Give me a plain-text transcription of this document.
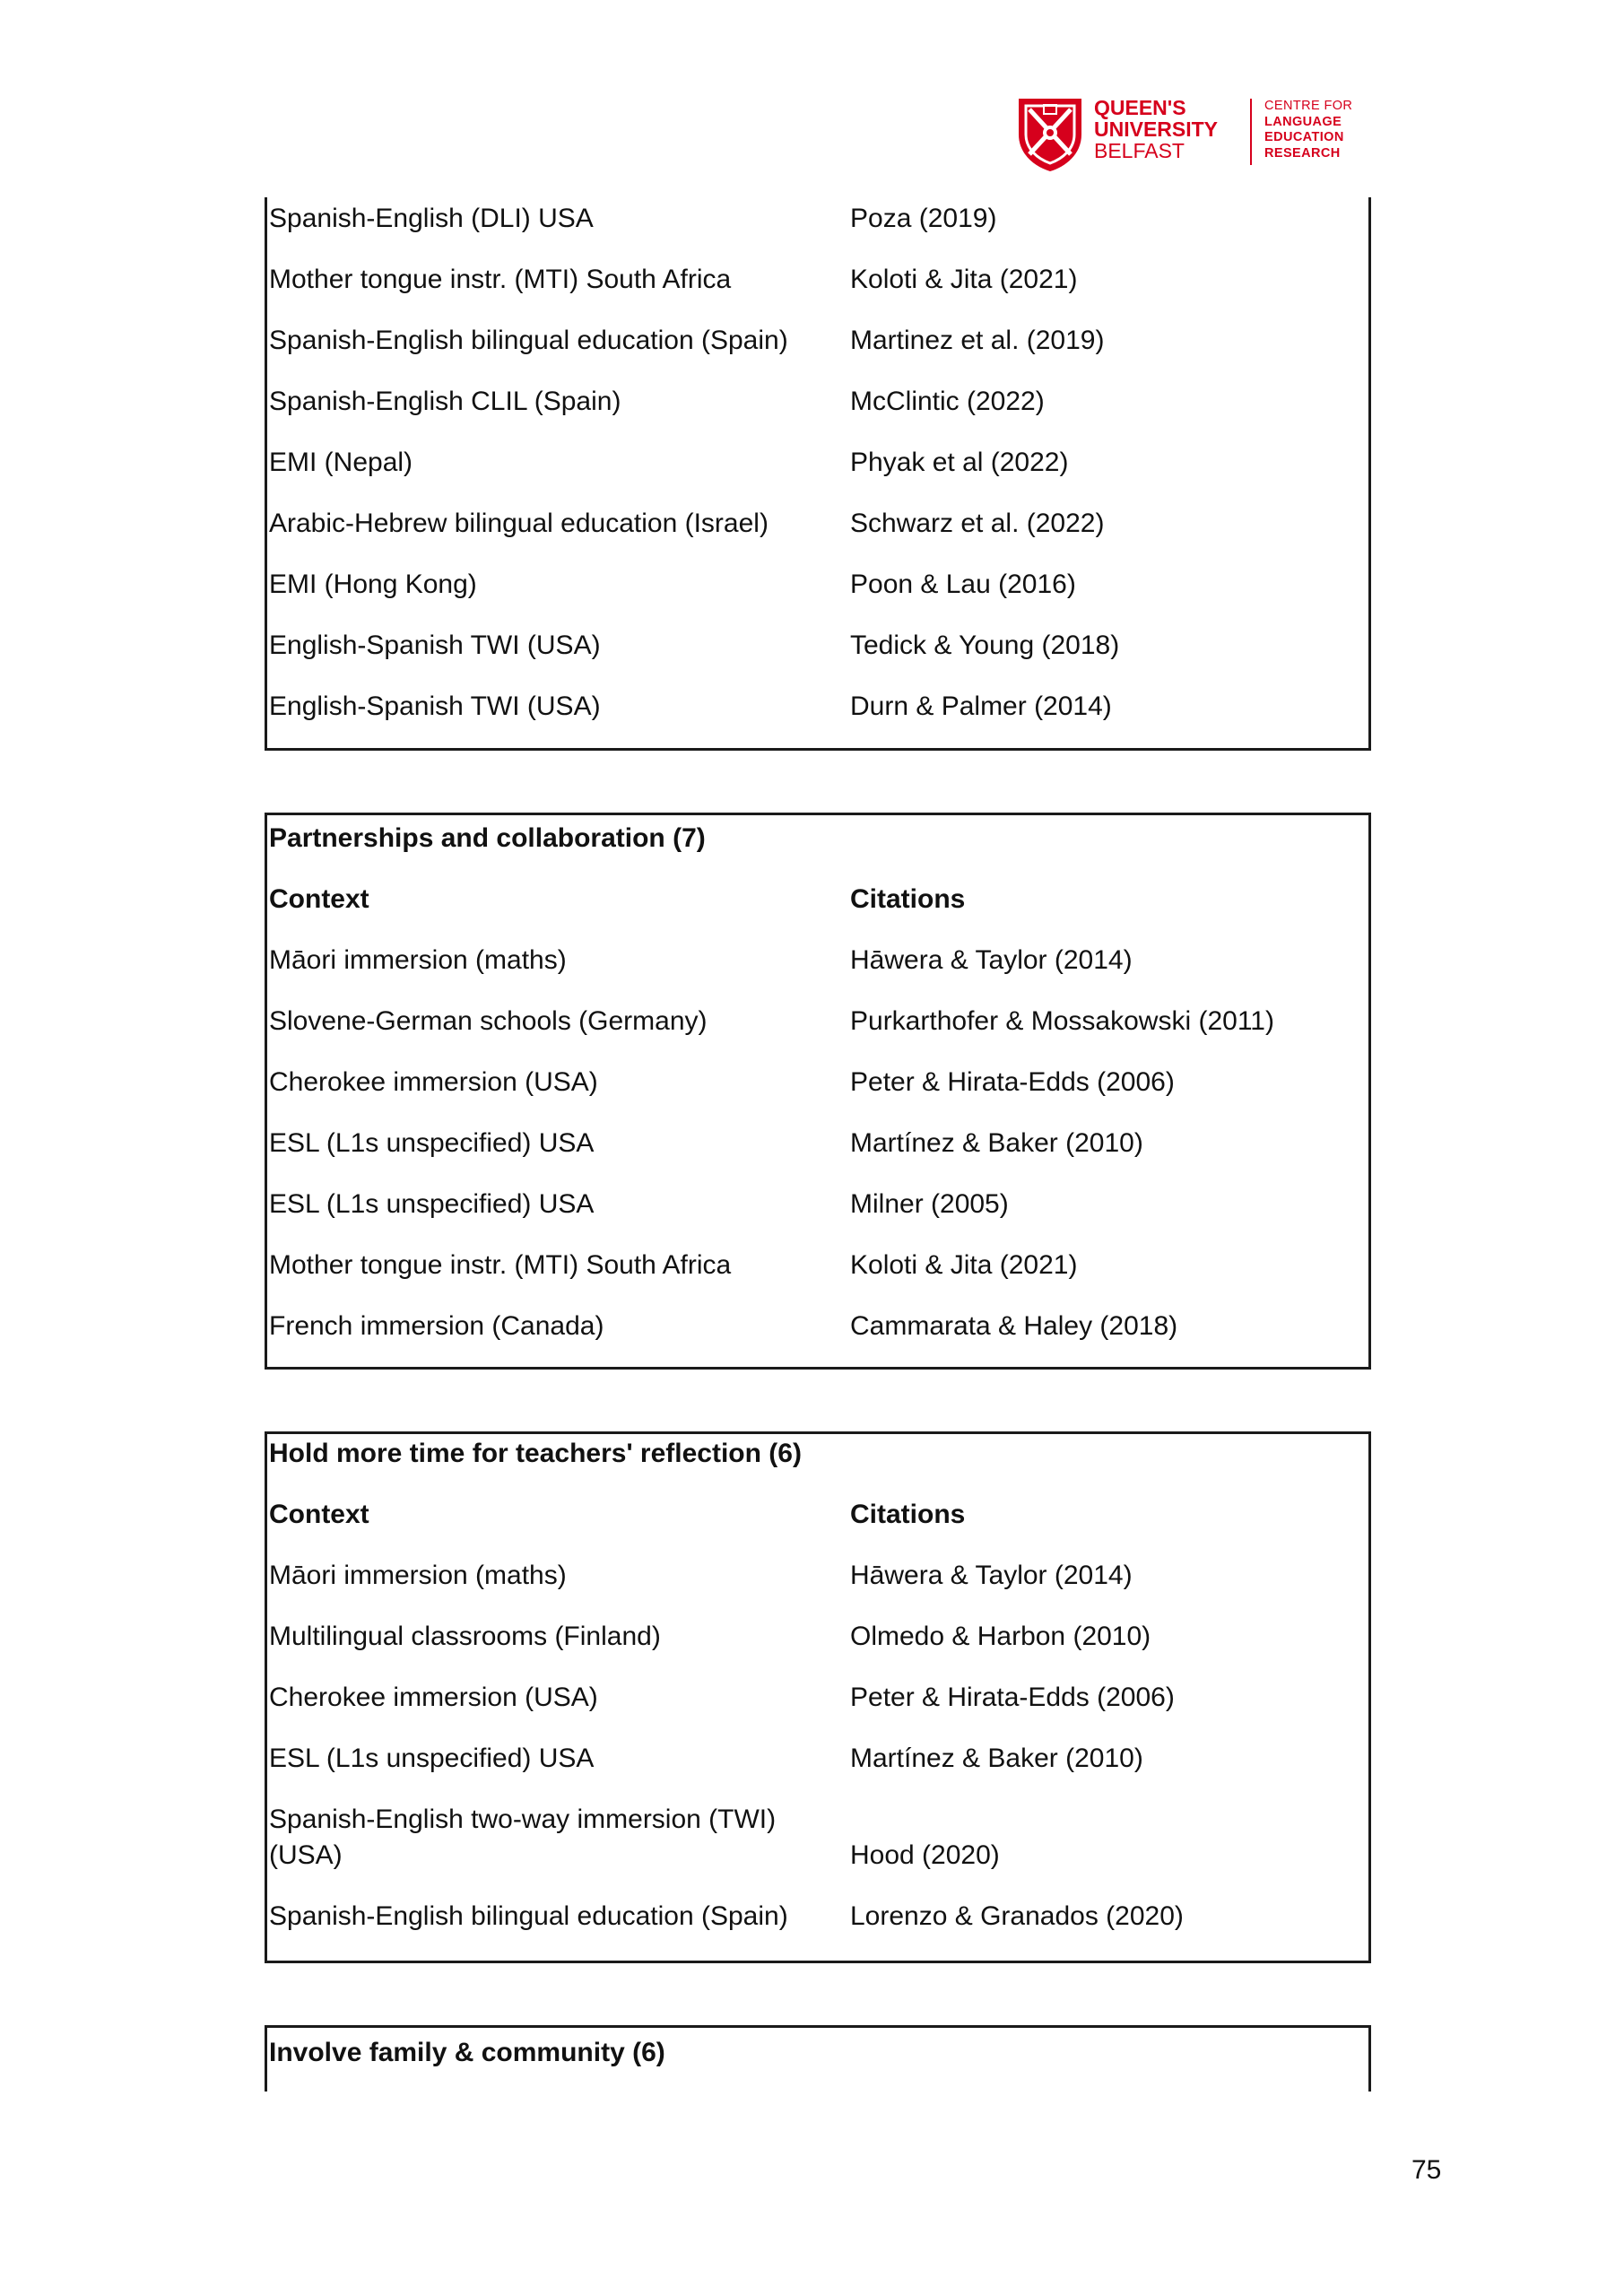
QUEEN'S
UNIVERSITY
BELFAST
CENTRE FOR
LANGUAGE
EDUCATION
RESEARCH
Spanish-English (DLI) USA	Poza (2019)
Mother tongue instr. (MTI) South Africa	Koloti & Jita (2021)
Spanish-English bilingual education (Spain)	Martinez et al. (2019)
Spanish-English CLIL (Spain)	McClintic (2022)
EMI (Nepal)	Phyak et al (2022)
Arabic-Hebrew bilingual education (Israel)	Schwarz et al. (2022)
EMI (Hong Kong)	Poon & Lau (2016)
English-Spanish TWI (USA)	Tedick & Young (2018)
English-Spanish TWI (USA)	Durn & Palmer (2014)
Partnerships and collaboration (7)
Context	Citations
Māori immersion (maths)	Hāwera & Taylor (2014)
Slovene-German schools (Germany)	Purkarthofer & Mossakowski (2011)
Cherokee immersion (USA)	Peter & Hirata-Edds (2006)
ESL (L1s unspecified) USA	Martínez & Baker (2010)
ESL (L1s unspecified) USA	Milner (2005)
Mother tongue instr. (MTI) South Africa	Koloti & Jita (2021)
French immersion (Canada)	Cammarata & Haley (2018)
Hold more time for teachers' reflection (6)
Context	Citations
Māori immersion (maths)	Hāwera & Taylor (2014)
Multilingual classrooms (Finland)	Olmedo & Harbon (2010)
Cherokee immersion (USA)	Peter & Hirata-Edds (2006)
ESL (L1s unspecified) USA	Martínez & Baker (2010)
Spanish-English two-way immersion (TWI) (USA)	Hood (2020)
Spanish-English bilingual education (Spain)	Lorenzo & Granados (2020)
Involve family & community (6)
75
